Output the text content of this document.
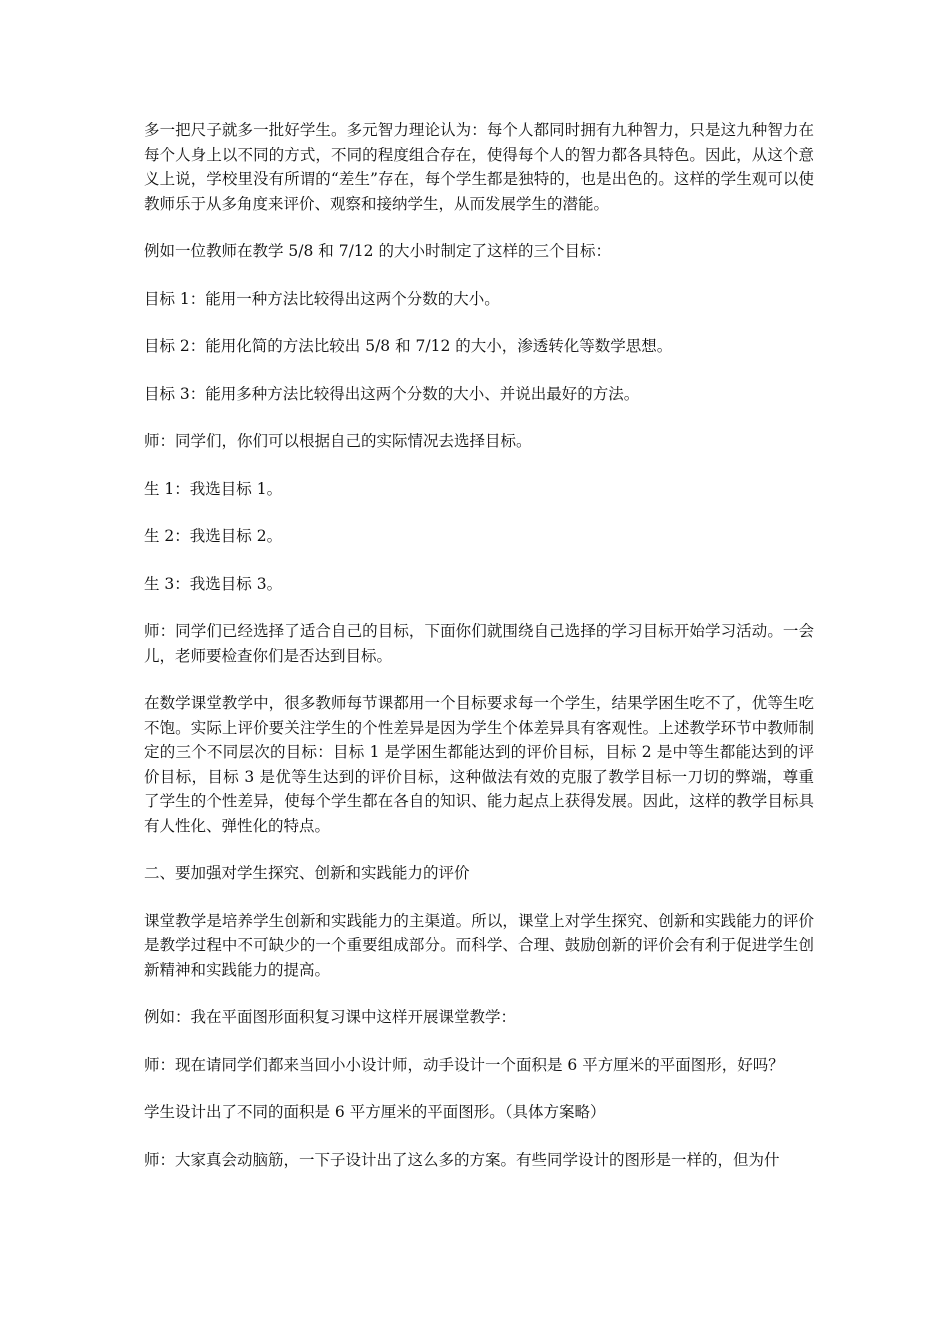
多一把尺子就多一批好学生。多元智力理论认为：每个人都同时拥有九种智力，只是这九种智力在每个人身上以不同的方式，不同的程度组合存在，使得每个人的智力都各具特色。因此，从这个意义上说，学校里没有所谓的“差生”存在，每个学生都是独特的，也是出色的。这样的学生观可以使教师乐于从多角度来评价、观察和接纳学生，从而发展学生的潜能。

例如一位教师在教学 5/8 和 7/12 的大小时制定了这样的三个目标：

目标 1：能用一种方法比较得出这两个分数的大小。

目标 2：能用化简的方法比较出 5/8 和 7/12 的大小，渗透转化等数学思想。

目标 3：能用多种方法比较得出这两个分数的大小、并说出最好的方法。

师：同学们，你们可以根据自己的实际情况去选择目标。

生 1：我选目标 1。

生 2：我选目标 2。

生 3：我选目标 3。

师：同学们已经选择了适合自己的目标，下面你们就围绕自己选择的学习目标开始学习活动。一会儿，老师要检查你们是否达到目标。

在数学课堂教学中，很多教师每节课都用一个目标要求每一个学生，结果学困生吃不了，优等生吃不饱。实际上评价要关注学生的个性差异是因为学生个体差异具有客观性。上述教学环节中教师制定的三个不同层次的目标：目标 1 是学困生都能达到的评价目标，目标 2 是中等生都能达到的评价目标，目标 3 是优等生达到的评价目标，这种做法有效的克服了教学目标一刀切的弊端，尊重了学生的个性差异，使每个学生都在各自的知识、能力起点上获得发展。因此，这样的教学目标具有人性化、弹性化的特点。

二、要加强对学生探究、创新和实践能力的评价

课堂教学是培养学生创新和实践能力的主渠道。所以，课堂上对学生探究、创新和实践能力的评价是教学过程中不可缺少的一个重要组成部分。而科学、合理、鼓励创新的评价会有利于促进学生创新精神和实践能力的提高。

例如：我在平面图形面积复习课中这样开展课堂教学：

师：现在请同学们都来当回小小设计师，动手设计一个面积是 6 平方厘米的平面图形，好吗？

学生设计出了不同的面积是 6 平方厘米的平面图形。（具体方案略）

师：大家真会动脑筋，一下子设计出了这么多的方案。有些同学设计的图形是一样的，但为什
